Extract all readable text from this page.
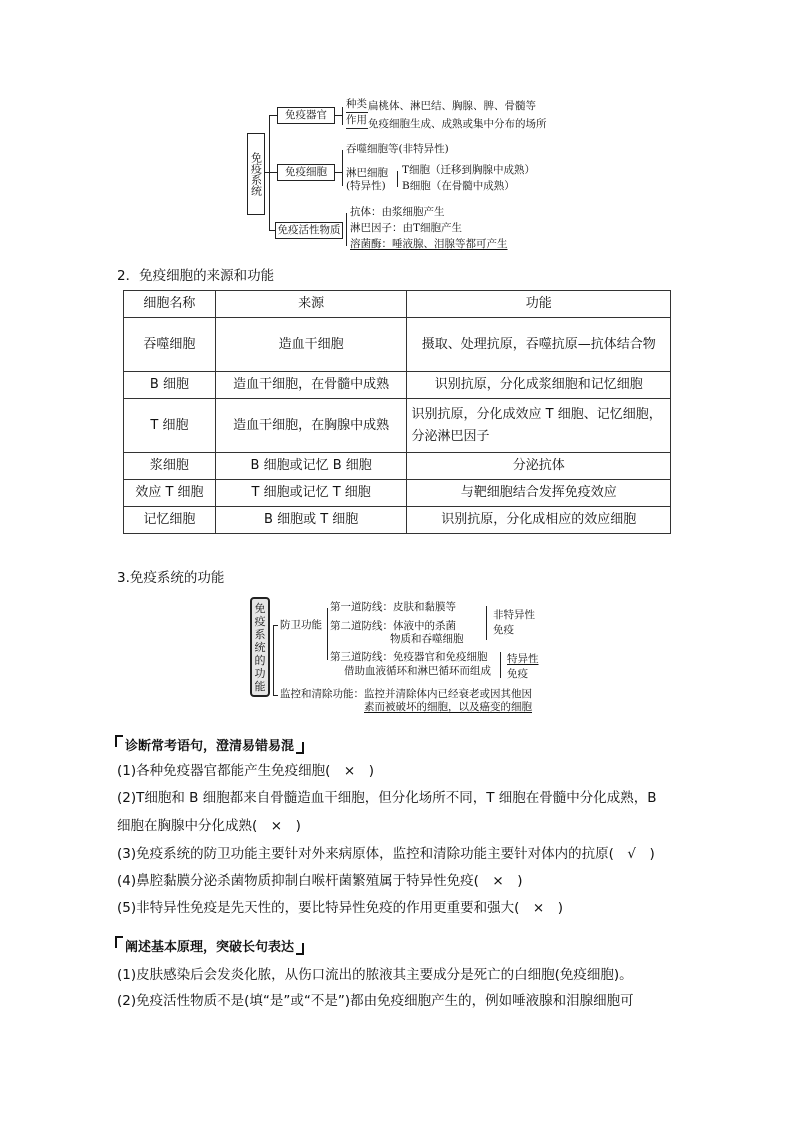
免疫系统
免疫器官
种类 扁桃体、淋巴结、胸腺、脾、骨髓等
作用 免疫细胞生成、成熟或集中分布的场所
免疫细胞
吞噬细胞等(非特异性)
淋巴细胞
(特异性)
T细胞（迁移到胸腺中成熟）
B细胞（在骨髓中成熟）
免疫活性物质
抗体：由浆细胞产生
淋巴因子：由T细胞产生
溶菌酶：唾液腺、泪腺等都可产生
2．免疫细胞的来源和功能
细胞名称	来源	功能
吞噬细胞	造血干细胞	摄取、处理抗原，吞噬抗原—抗体结合物
B 细胞	造血干细胞，在骨髓中成熟	识别抗原，分化成浆细胞和记忆细胞
T 细胞	造血干细胞，在胸腺中成熟	识别抗原，分化成效应 T 细胞、记忆细胞，分泌淋巴因子
浆细胞	B 细胞或记忆 B 细胞	分泌抗体
效应 T 细胞	T 细胞或记忆 T 细胞	与靶细胞结合发挥免疫效应
记忆细胞	B 细胞或 T 细胞	识别抗原，分化成相应的效应细胞
3.免疫系统的功能
免
疫
系
统
的
功
能
防卫功能
第一道防线：皮肤和黏膜等
第二道防线：体液中的杀菌
物质和吞噬细胞
第三道防线：免疫器官和免疫细胞
借助血液循环和淋巴循环而组成
非特异性
免疫
特异性
免疫
监控和清除功能：监控并清除体内已经衰老或因其他因
素而被破坏的细胞，以及癌变的细胞
诊断常考语句，澄清易错易混
(1)各种免疫器官都能产生免疫细胞(　×　)
(2)T细胞和 B 细胞都来自骨髓造血干细胞，但分化场所不同，T 细胞在骨髓中分化成熟，B
细胞在胸腺中分化成熟(　×　)
(3)免疫系统的防卫功能主要针对外来病原体，监控和清除功能主要针对体内的抗原(　√　)
(4)鼻腔黏膜分泌杀菌物质抑制白喉杆菌繁殖属于特异性免疫(　×　)
(5)非特异性免疫是先天性的，要比特异性免疫的作用更重要和强大(　×　)
阐述基本原理，突破长句表达
(1)皮肤感染后会发炎化脓，从伤口流出的脓液其主要成分是死亡的白细胞(免疫细胞)。
(2)免疫活性物质不是(填“是”或“不是”)都由免疫细胞产生的，例如唾液腺和泪腺细胞可
